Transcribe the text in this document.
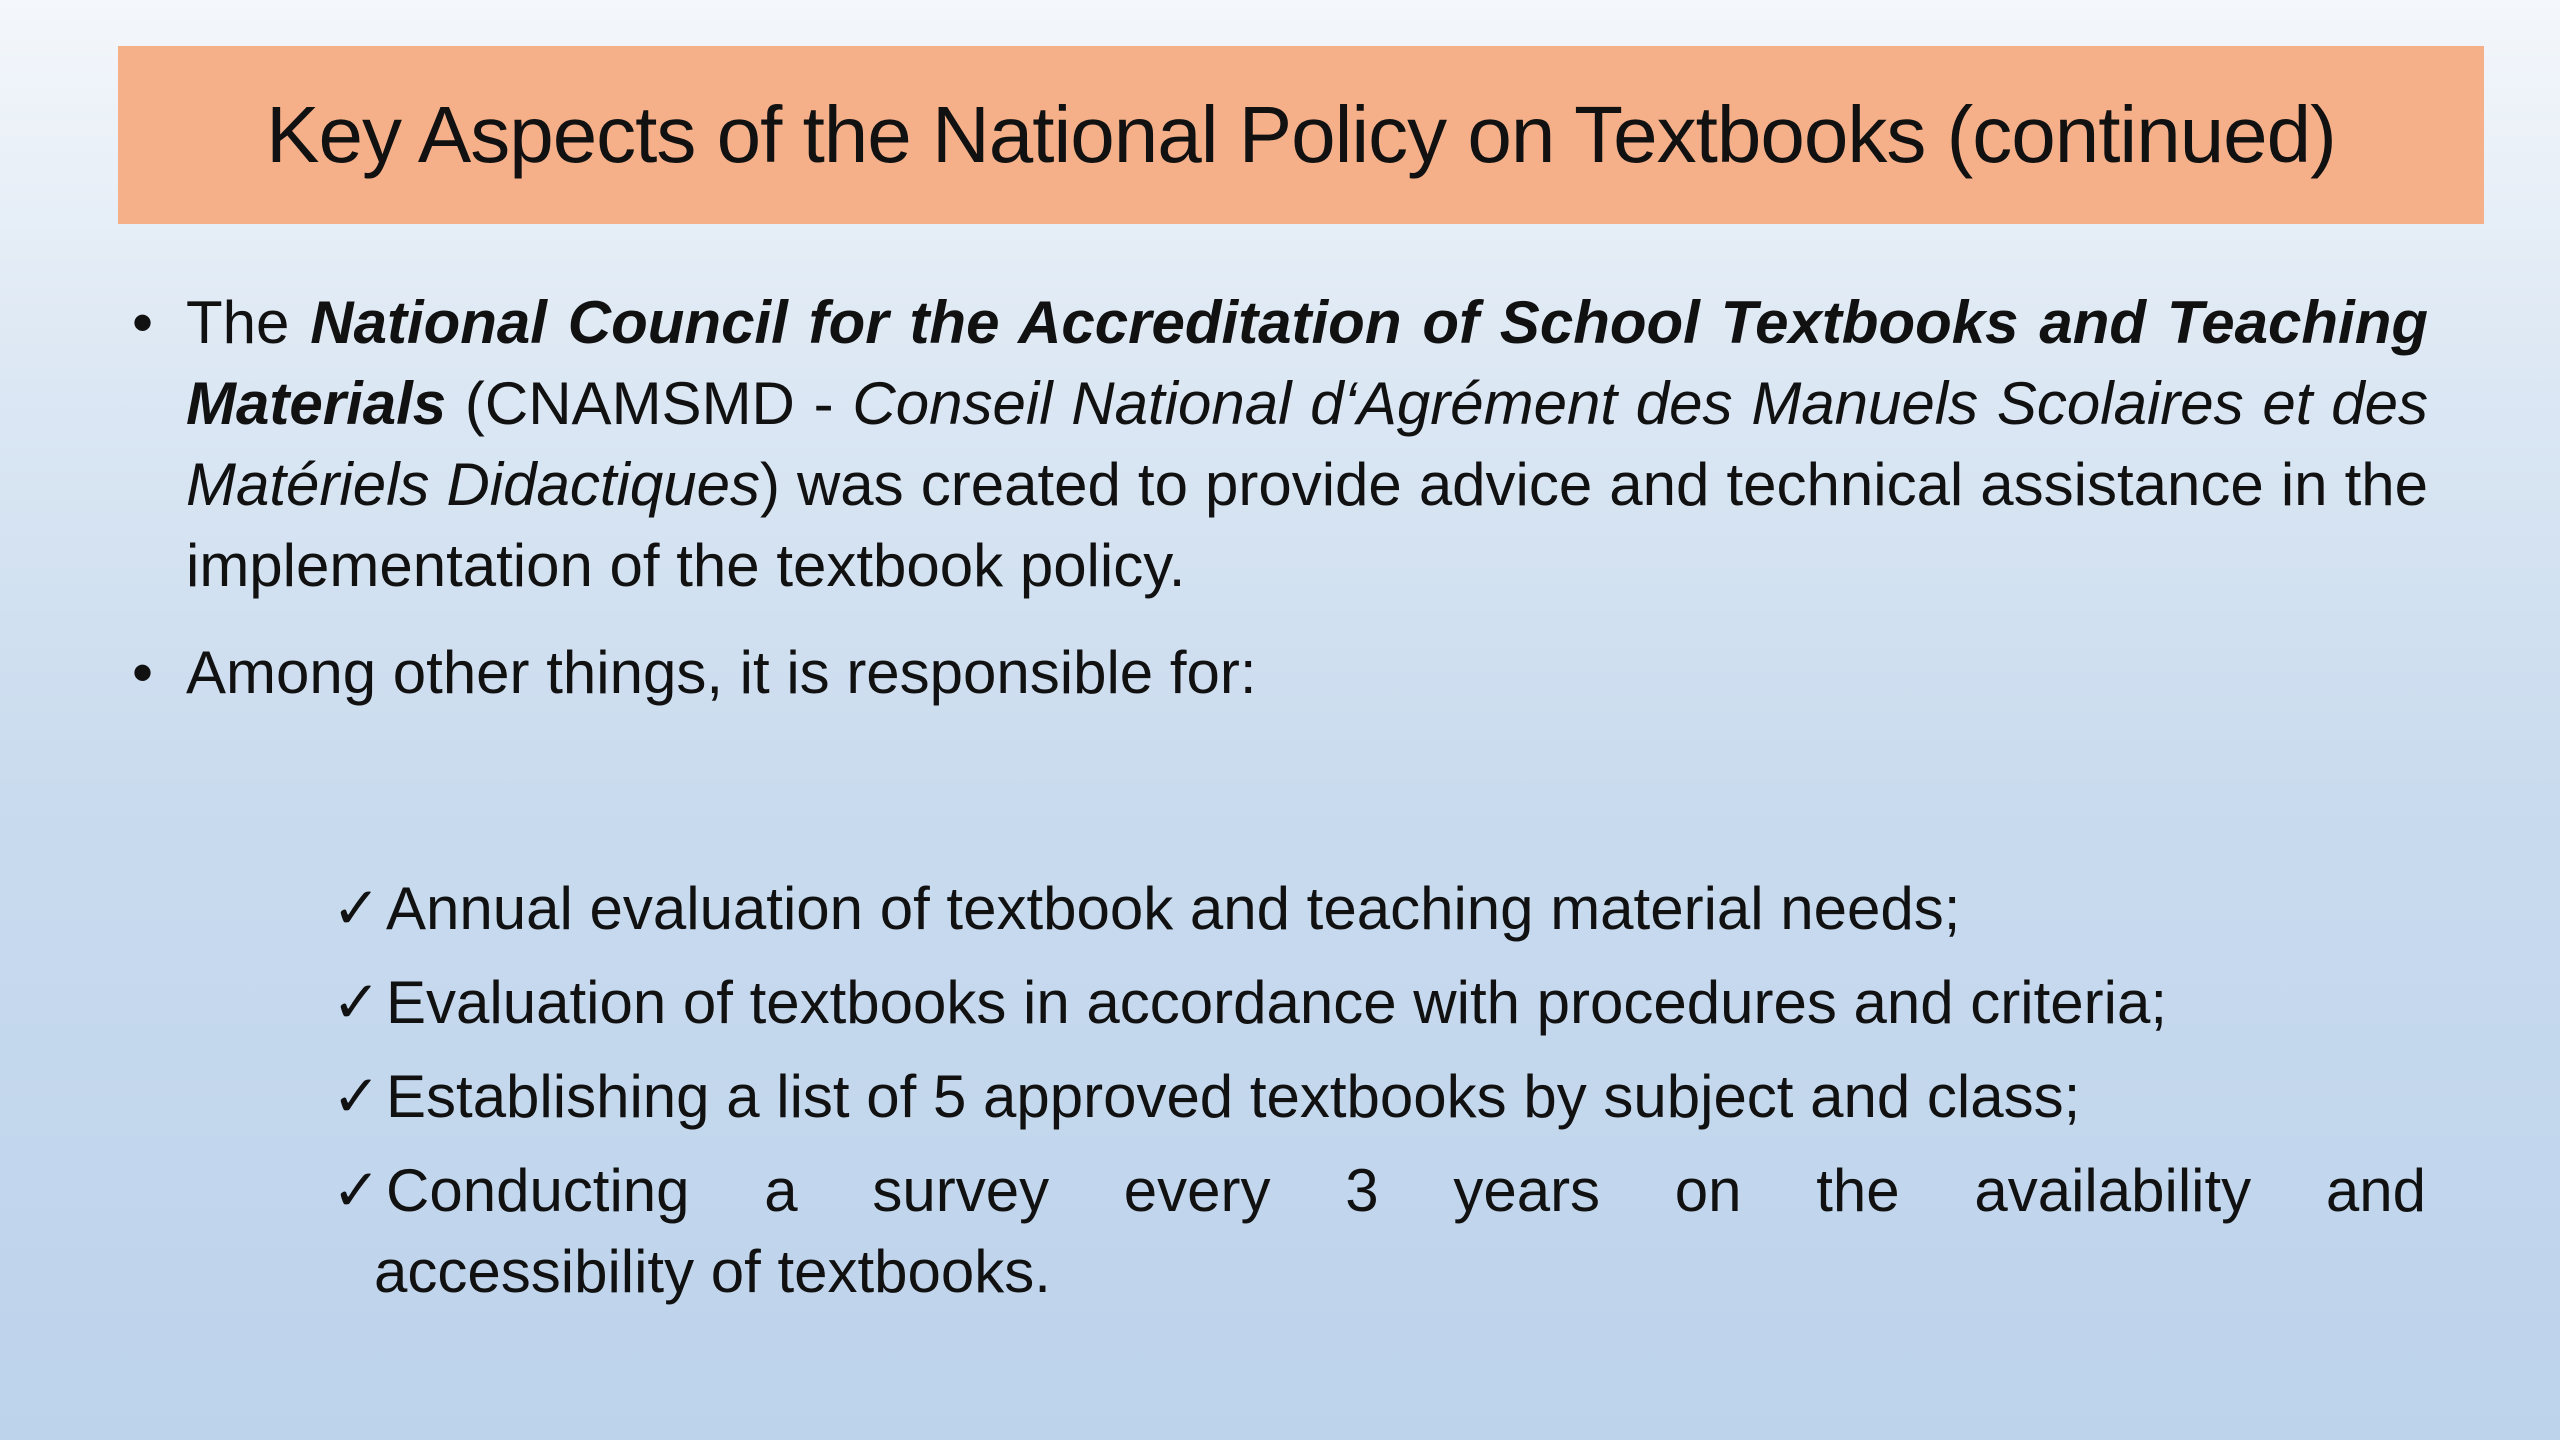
Key Aspects of the National Policy on Textbooks (continued)
• The National Council for the Accreditation of School Textbooks and Teaching Materials (CNAMSMD - Conseil National d‘Agrément des Manuels Scolaires et des Matériels Didactiques) was created to provide advice and technical assistance in the implementation of the textbook policy.
• Among other things, it is responsible for:
✓ Annual evaluation of textbook and teaching material needs;
✓ Evaluation of textbooks in accordance with procedures and criteria;
✓ Establishing a list of 5 approved textbooks by subject and class;
✓ Conducting a survey every 3 years on the availability and
accessibility of textbooks.
